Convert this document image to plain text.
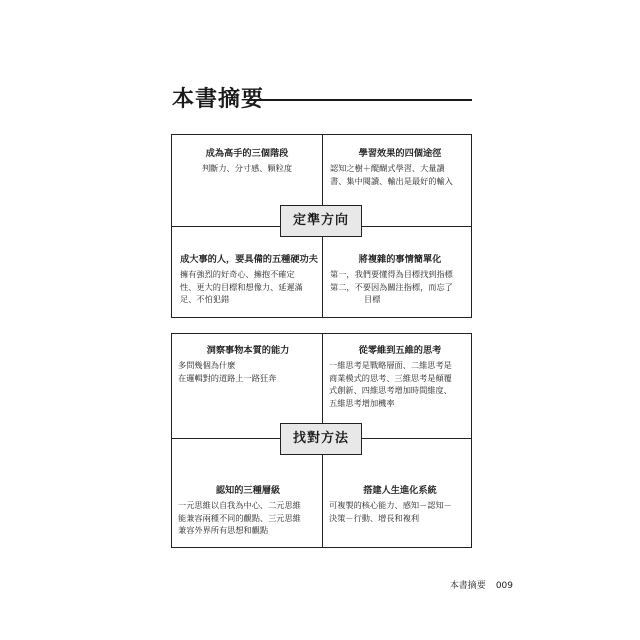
本書摘要
成為高手的三個階段
判斷力、分寸感、顆粒度
學習效果的四個途徑
認知之樹＋醍醐式學習、大量讀
書、集中閱讀、輸出是最好的輸入
成大事的人，要具備的五種硬功夫
擁有強烈的好奇心、擁抱不確定
性、更大的目標和想像力、延遲滿
足、不怕犯錯
將複雜的事情簡單化
第一，我們要懂得為目標找到指標
第二，不要因為關注指標，而忘了
目標
定準方向
洞察事物本質的能力
多問幾個為什麼
在邏輯對的道路上一路狂奔
從零維到五維的思考
一維思考是戰略層面、二維思考是
商業模式的思考、三維思考是顛覆
式創新、四維思考增加時間維度、
五維思考增加機率
認知的三種層級
一元思維以自我為中心、二元思維
能兼容兩種不同的觀點、三元思維
兼容外界所有思想和觀點
搭建人生進化系統
可複製的核心能力、感知－認知－
決策－行動、增長和複利
找對方法
本書摘要 009
